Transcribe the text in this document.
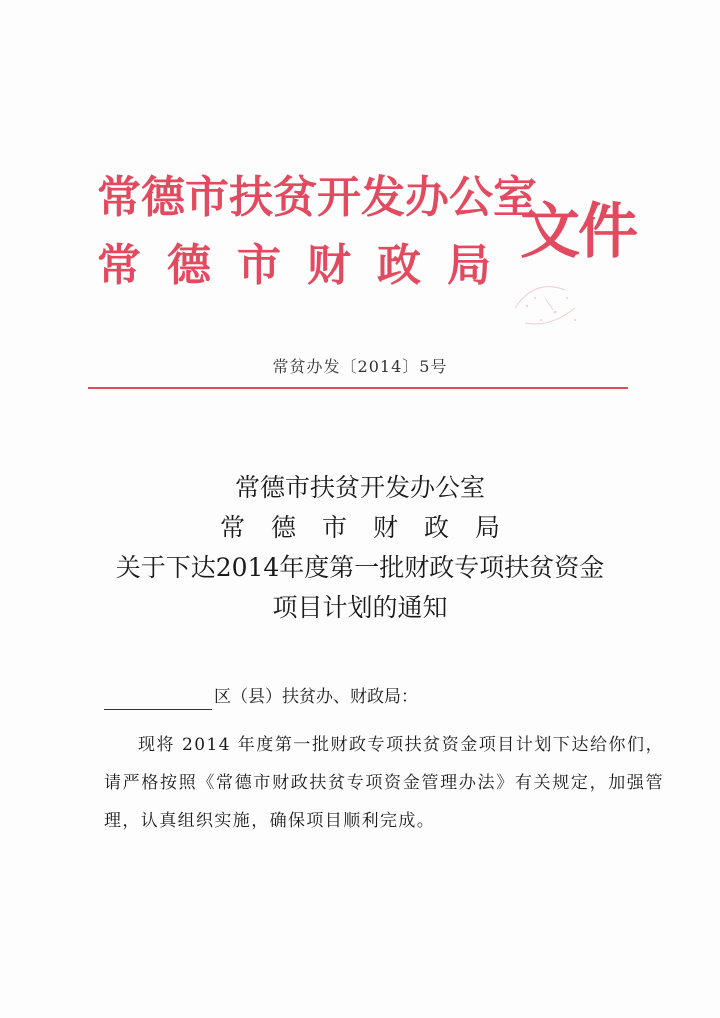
常德市扶贫开发办公室
常德市财政局 文件
常贫办发〔2014〕5号
常德市扶贫开发办公室
常德市财政局
关于下达2014年度第一批财政专项扶贫资金
项目计划的通知
区（县）扶贫办、财政局：
现将 2014 年度第一批财政专项扶贫资金项目计划下达给你们，请严格按照《常德市财政扶贫专项资金管理办法》有关规定，加强管理，认真组织实施，确保项目顺利完成。
